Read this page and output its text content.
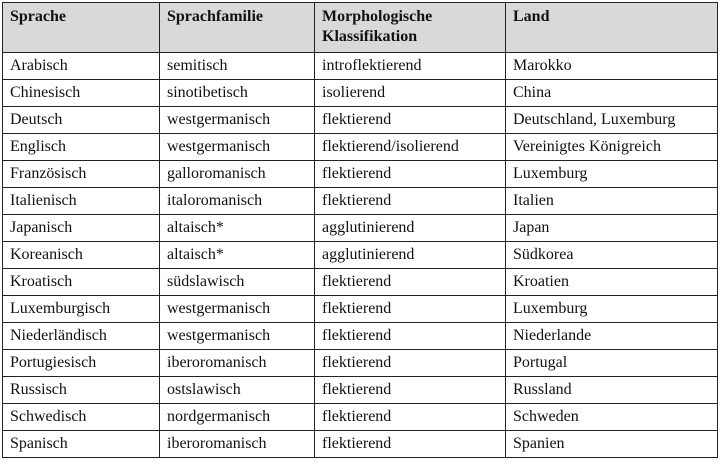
Sprache	Sprachfamilie	Morphologische Klassifikation	Land
Arabisch	semitisch	introflektierend	Marokko
Chinesisch	sinotibetisch	isolierend	China
Deutsch	westgermanisch	flektierend	Deutschland, Luxemburg
Englisch	westgermanisch	flektierend/isolierend	Vereinigtes Königreich
Französisch	galloromanisch	flektierend	Luxemburg
Italienisch	italoromanisch	flektierend	Italien
Japanisch	altaisch*	agglutinierend	Japan
Koreanisch	altaisch*	agglutinierend	Südkorea
Kroatisch	südslawisch	flektierend	Kroatien
Luxemburgisch	westgermanisch	flektierend	Luxemburg
Niederländisch	westgermanisch	flektierend	Niederlande
Portugiesisch	iberoromanisch	flektierend	Portugal
Russisch	ostslawisch	flektierend	Russland
Schwedisch	nordgermanisch	flektierend	Schweden
Spanisch	iberoromanisch	flektierend	Spanien
